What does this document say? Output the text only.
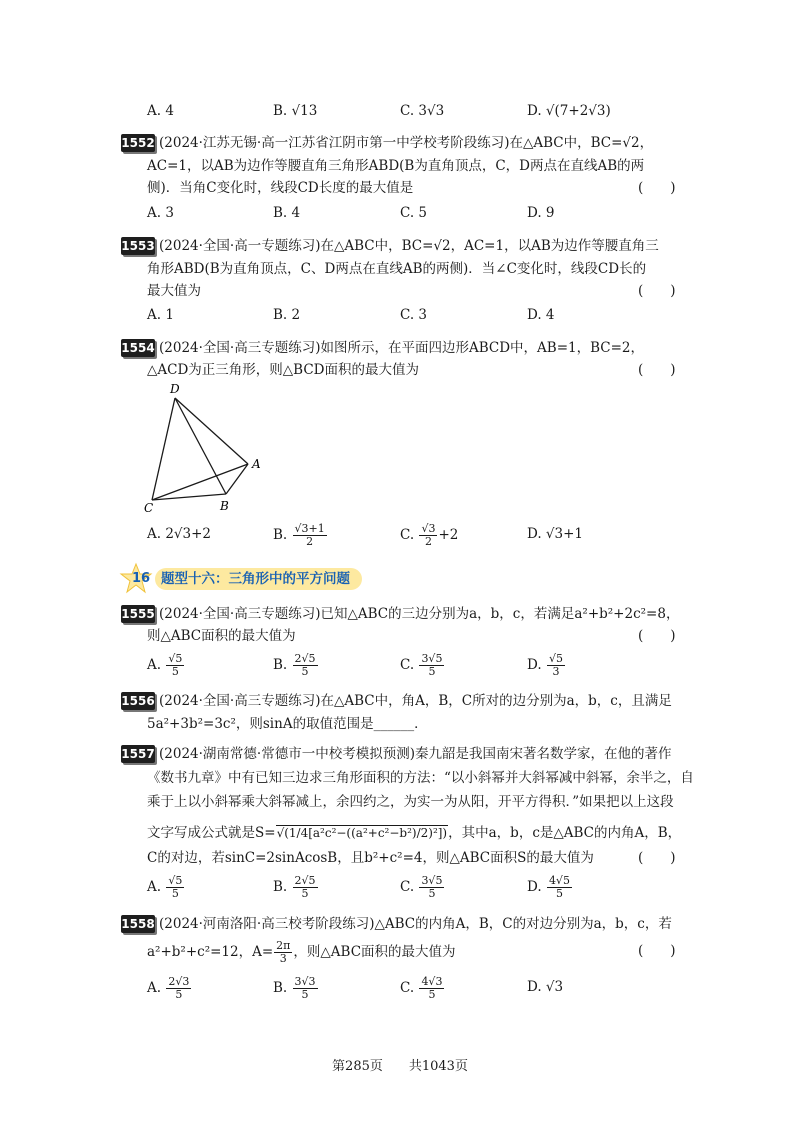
A. 4	B. √13	C. 3√3	D. √(7+2√3)
1552 (2024·江苏无锡·高一江苏省江阴市第一中学校考阶段练习)在△ABC中，BC=√2，
AC=1，以AB为边作等腰直角三角形ABD(B为直角顶点，C，D两点在直线AB的两
侧)．当角C变化时，线段CD长度的最大值是	(　　)
A. 3	B. 4	C. 5	D. 9
1553 (2024·全国·高一专题练习)在△ABC中，BC=√2，AC=1，以AB为边作等腰直角三
角形ABD(B为直角顶点，C、D两点在直线AB的两侧)．当∠C变化时，线段CD长的
最大值为	(　　)
A. 1	B. 2	C. 3	D. 4
1554 (2024·全国·高三专题练习)如图所示，在平面四边形ABCD中，AB=1，BC=2，
△ACD为正三角形，则△BCD面积的最大值为	(　　)
D
A
C	B
A. 2√3+2	B. $\frac{√3+1}{2}$	C. $\frac{√3}{2} +2$	D. √3+1
16 题型十六：三角形中的平方问题
1555 (2024·全国·高三专题练习)已知△ABC的三边分别为a，b，c，若满足a²+b²+2c²=8，
则△ABC面积的最大值为	(　　)
A. $\frac{√5}{5}$	B. $\frac{2√5}{5}$	C. $\frac{3√5}{5}$	D. $\frac{√5}{3}$
1556 (2024·全国·高三专题练习)在△ABC中，角A，B，C所对的边分别为a，b，c，且满足
5a²+3b²=3c²，则sinA的取值范围是______．
1557 (2024·湖南常德·常德市一中校考模拟预测)秦九韶是我国南宋著名数学家，在他的著作
《数书九章》中有已知三边求三角形面积的方法：“以小斜幂并大斜幂减中斜幂，余半之，自
乘于上以小斜幂乘大斜幂减上，余四约之，为实一为从阳，开平方得积．”如果把以上这段
文字写成公式就是S=√(1/4[a²c²−((a²+c²−b²)/2)²])，其中a，b，c是△ABC的内角A，B，
C的对边，若sinC=2sinAcosB，且b²+c²=4，则△ABC面积S的最大值为	(　　)
A. $\frac{√5}{5}$	B. $\frac{2√5}{5}$	C. $\frac{3√5}{5}$	D. $\frac{4√5}{5}$
1558 (2024·河南洛阳·高三校考阶段练习)△ABC的内角A，B，C的对边分别为a，b，c，若
a²+b²+c²=12，$A= \frac{2\pi}{3}$ ，则△ABC面积的最大值为	(　　)
A. $\frac{2√3}{5}$	B. $\frac{3√3}{5}$	C. $\frac{4√3}{5}$	D. √3
第285页　　共1043页
